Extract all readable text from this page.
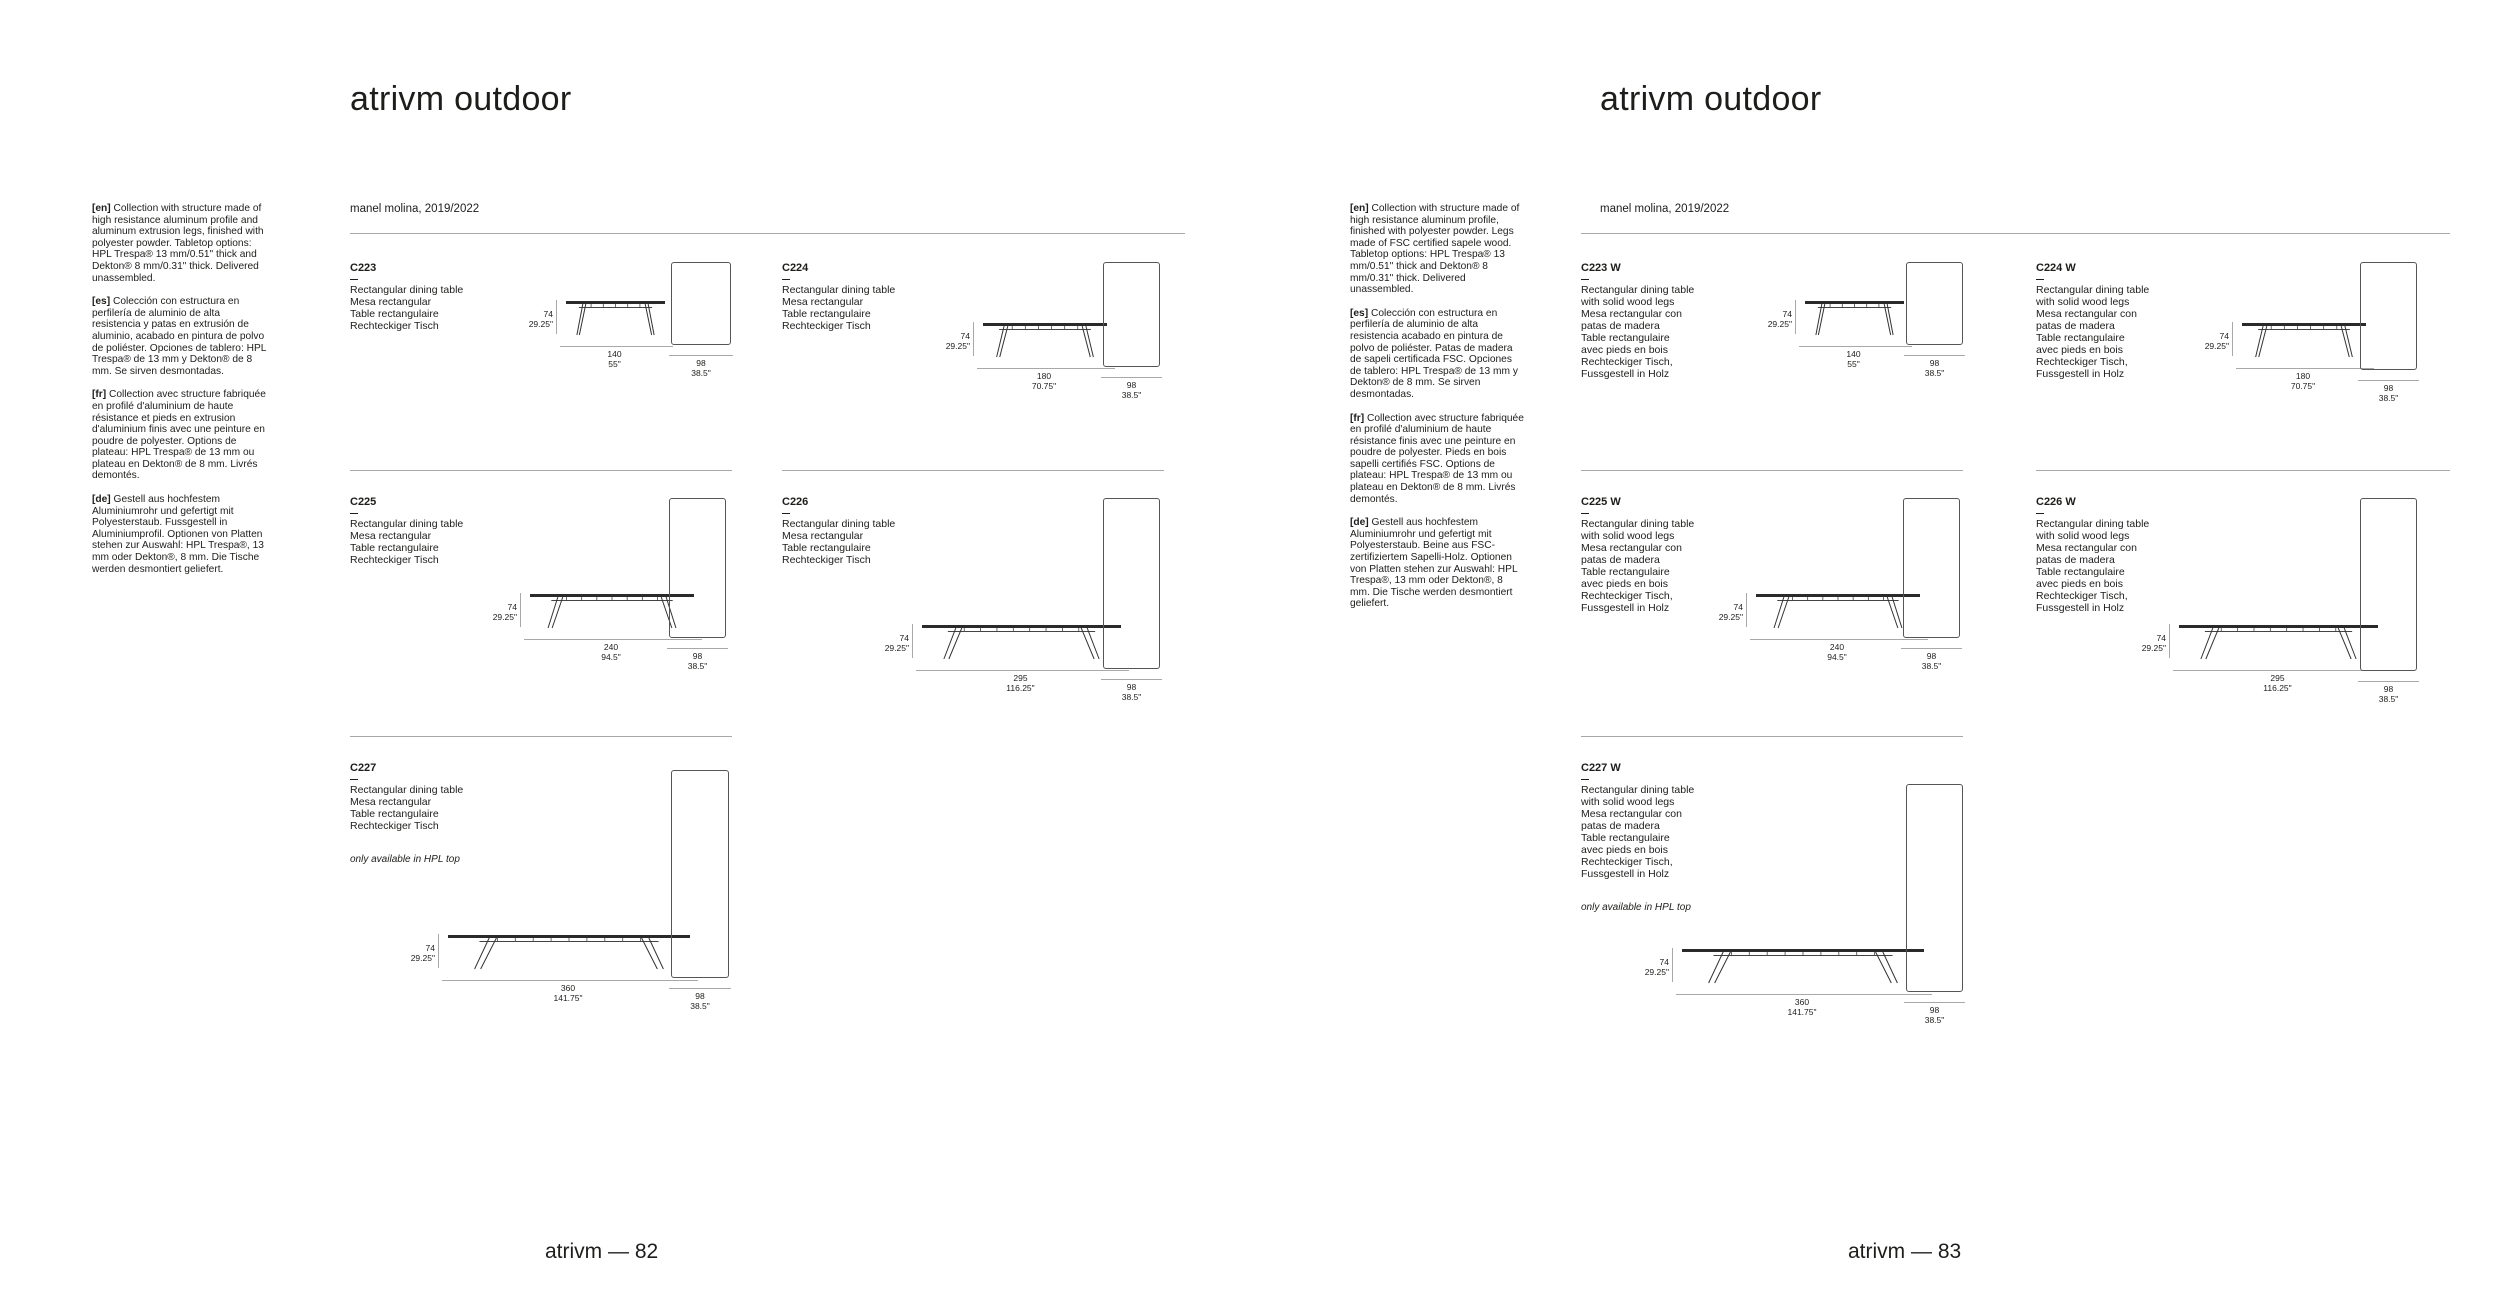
atrivm outdoor

[en] Collection with structure made of high resistance aluminum profile and aluminum extrusion legs, finished with polyester powder. Tabletop options: HPL Trespa® 13 mm/0.51" thick and Dekton® 8 mm/0.31" thick. Delivered unassembled.

[es] Colección con estructura en perfilería de aluminio de alta resistencia y patas en extrusión de aluminio, acabado en pintura de polvo de poliéster. Opciones de tablero: HPL Trespa® de 13 mm y Dekton® de 8 mm. Se sirven desmontadas.

[fr] Collection avec structure fabriquée en profilé d'aluminium de haute résistance et pieds en extrusion d'aluminium finis avec une peinture en poudre de polyester. Options de plateau: HPL Trespa® de 13 mm ou plateau en Dekton® de 8 mm. Livrés demontés.

[de] Gestell aus hochfestem Aluminiumrohr und gefertigt mit Polyesterstaub. Fussgestell in Aluminiumprofil. Optionen von Platten stehen zur Auswahl: HPL Trespa®, 13 mm oder Dekton®, 8 mm. Die Tische werden desmontiert geliefert.

manel molina, 2019/2022
atrivm — 82
C223
Rectangular dining table
Mesa rectangular
Table rectangulaire
Rechteckiger Tisch
74
29.25"
140
55"	98
38.5"
C224
Rectangular dining table
Mesa rectangular
Table rectangulaire
Rechteckiger Tisch
74
29.25"
180
70.75"	98
38.5"
C225
Rectangular dining table
Mesa rectangular
Table rectangulaire
Rechteckiger Tisch
74
29.25"
240
94.5"	98
38.5"
C226
Rectangular dining table
Mesa rectangular
Table rectangulaire
Rechteckiger Tisch
74
29.25"
295
116.25"	98
38.5"
C227
Rectangular dining table
Mesa rectangular
Table rectangulaire
Rechteckiger Tisch
only available in HPL top
74
29.25"
360
141.75"	98
38.5"
atrivm outdoor

[en] Collection with structure made of high resistance aluminum profile, finished with polyester powder. Legs made of FSC certified sapele wood. Tabletop options: HPL Trespa® 13 mm/0.51" thick and Dekton® 8 mm/0.31" thick. Delivered unassembled.

[es] Colección con estructura en perfilería de aluminio de alta resistencia acabado en pintura de polvo de poliéster. Patas de madera de sapeli certificada FSC. Opciones de tablero: HPL Trespa® de 13 mm y Dekton® de 8 mm. Se sirven desmontadas.

[fr] Collection avec structure fabriquée en profilé d'aluminium de haute résistance finis avec une peinture en poudre de polyester. Pieds en bois sapelli certifiés FSC. Options de plateau: HPL Trespa® de 13 mm ou plateau en Dekton® de 8 mm. Livrés demontés.

[de] Gestell aus hochfestem Aluminiumrohr und gefertigt mit Polyesterstaub. Beine aus FSC-zertifiziertem Sapelli-Holz. Optionen von Platten stehen zur Auswahl: HPL Trespa®, 13 mm oder Dekton®, 8 mm. Die Tische werden desmontiert geliefert.

manel molina, 2019/2022
atrivm — 83
C223 W
Rectangular dining table
with solid wood legs
Mesa rectangular con
patas de madera
Table rectangulaire
avec pieds en bois
Rechteckiger Tisch,
Fussgestell in Holz
74
29.25"
140
55"	98
38.5"
C224 W
Rectangular dining table
with solid wood legs
Mesa rectangular con
patas de madera
Table rectangulaire
avec pieds en bois
Rechteckiger Tisch,
Fussgestell in Holz
74
29.25"
180
70.75"	98
38.5"
C225 W
Rectangular dining table
with solid wood legs
Mesa rectangular con
patas de madera
Table rectangulaire
avec pieds en bois
Rechteckiger Tisch,
Fussgestell in Holz	74
29.25"
240
94.5"	98
38.5"
C226 W
Rectangular dining table
with solid wood legs
Mesa rectangular con
patas de madera
Table rectangulaire
avec pieds en bois
Rechteckiger Tisch,
Fussgestell in Holz
74
29.25"
295
116.25"	98
38.5"
C227 W
Rectangular dining table
with solid wood legs
Mesa rectangular con
patas de madera
Table rectangulaire
avec pieds en bois
Rechteckiger Tisch,
Fussgestell in Holz
only available in HPL top
74
29.25"
360
141.75"	98
38.5"
